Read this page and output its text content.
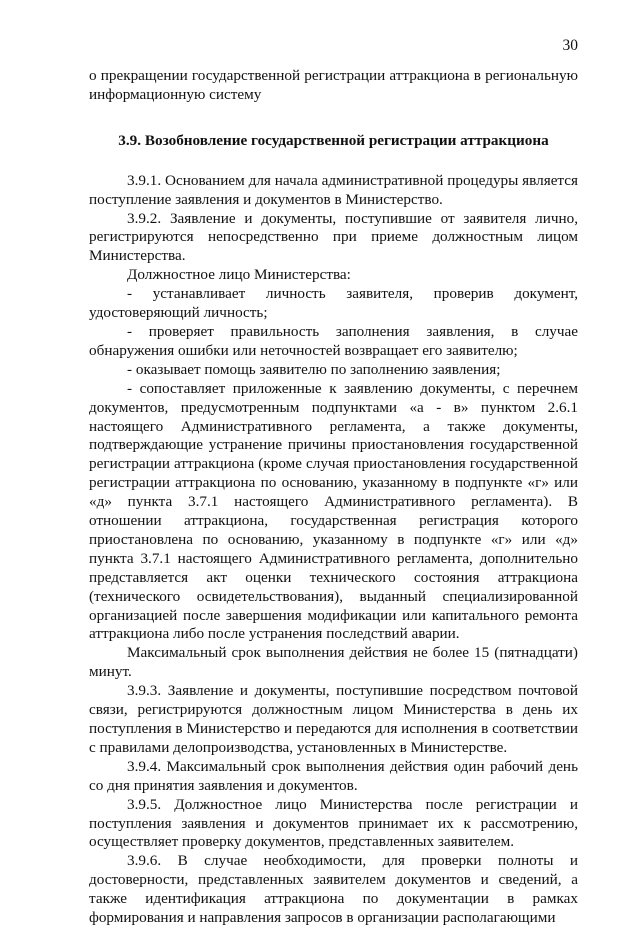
30

о прекращении государственной регистрации аттракциона в региональную информационную систему

3.9. Возобновление государственной регистрации аттракциона

3.9.1. Основанием для начала административной процедуры является поступление заявления и документов в Министерство.

3.9.2. Заявление и документы, поступившие от заявителя лично, регистрируются непосредственно при приеме должностным лицом Министерства.

Должностное лицо Министерства:

- устанавливает личность заявителя, проверив документ, удостоверяющий личность;

- проверяет правильность заполнения заявления, в случае обнаружения ошибки или неточностей возвращает его заявителю;

- оказывает помощь заявителю по заполнению заявления;

- сопоставляет приложенные к заявлению документы, с перечнем документов, предусмотренным подпунктами «а - в» пунктом 2.6.1 настоящего Административного регламента, а также документы, подтверждающие устранение причины приостановления государственной регистрации аттракциона (кроме случая приостановления государственной регистрации аттракциона по основанию, указанному в подпункте «г» или «д» пункта 3.7.1 настоящего Административного регламента). В отношении аттракциона, государственная регистрация которого приостановлена по основанию, указанному в подпункте «г» или «д» пункта 3.7.1 настоящего Административного регламента, дополнительно представляется акт оценки технического состояния аттракциона (технического освидетельствования), выданный специализированной организацией после завершения модификации или капитального ремонта аттракциона либо после устранения последствий аварии.

Максимальный срок выполнения действия не более 15 (пятнадцати) минут.

3.9.3. Заявление и документы, поступившие посредством почтовой связи, регистрируются должностным лицом Министерства в день их поступления в Министерство и передаются для исполнения в соответствии с правилами делопроизводства, установленных в Министерстве.

3.9.4. Максимальный срок выполнения действия один рабочий день со дня принятия заявления и документов.

3.9.5. Должностное лицо Министерства после регистрации и поступления заявления и документов принимает их к рассмотрению, осуществляет проверку документов, представленных заявителем.

3.9.6. В случае необходимости, для проверки полноты и достоверности, представленных заявителем документов и сведений, а также идентификация аттракциона по документации в рамках формирования и направления запросов в организации располагающими
